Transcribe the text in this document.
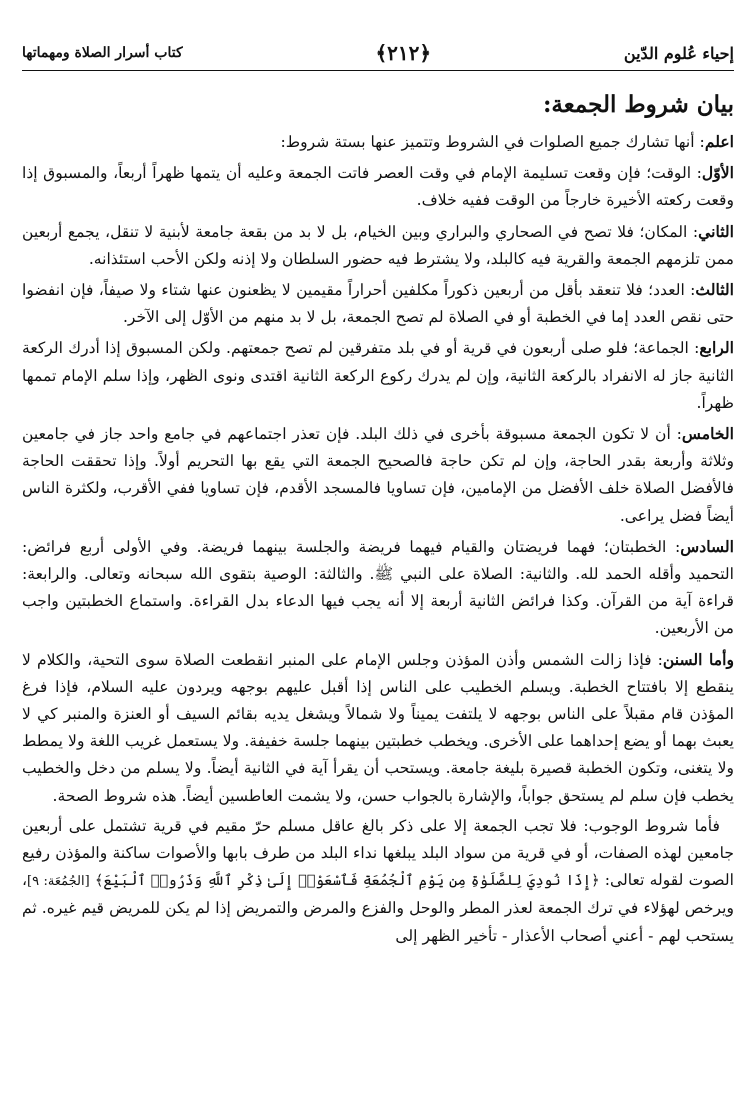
إحياء عُلوم الدّين
﴿٢١٢﴾
كتاب أسرار الصلاة ومهماتها
بيان شروط الجمعة:

اعلم: أنها تشارك جميع الصلوات في الشروط وتتميز عنها بستة شروط:

الأوّل: الوقت؛ فإن وقعت تسليمة الإمام في وقت العصر فاتت الجمعة وعليه أن يتمها ظهراً أربعاً، والمسبوق إذا وقعت ركعته الأخيرة خارجاً من الوقت ففيه خلاف.

الثاني: المكان؛ فلا تصح في الصحاري والبراري وبين الخيام، بل لا بد من بقعة جامعة لأبنية لا تنقل، يجمع أربعين ممن تلزمهم الجمعة والقرية فيه كالبلد، ولا يشترط فيه حضور السلطان ولا إذنه ولكن الأحب استئذانه.

الثالث: العدد؛ فلا تنعقد بأقل من أربعين ذكوراً مكلفين أحراراً مقيمين لا يظعنون عنها شتاء ولا صيفاً، فإن انفضوا حتى نقص العدد إما في الخطبة أو في الصلاة لم تصح الجمعة، بل لا بد منهم من الأوّل إلى الآخر.

الرابع: الجماعة؛ فلو صلى أربعون في قرية أو في بلد متفرقين لم تصح جمعتهم. ولكن المسبوق إذا أدرك الركعة الثانية جاز له الانفراد بالركعة الثانية، وإن لم يدرك ركوع الركعة الثانية اقتدى ونوى الظهر، وإذا سلم الإمام تممها ظهراً.

الخامس: أن لا تكون الجمعة مسبوقة بأخرى في ذلك البلد. فإن تعذر اجتماعهم في جامع واحد جاز في جامعين وثلاثة وأربعة بقدر الحاجة، وإن لم تكن حاجة فالصحيح الجمعة التي يقع بها التحريم أولاً. وإذا تحققت الحاجة فالأفضل الصلاة خلف الأفضل من الإمامين، فإن تساويا فالمسجد الأقدم، فإن تساويا ففي الأقرب، ولكثرة الناس أيضاً فضل يراعى.

السادس: الخطبتان؛ فهما فريضتان والقيام فيهما فريضة والجلسة بينهما فريضة. وفي الأولى أربع فرائض: التحميد وأقله الحمد لله. والثانية: الصلاة على النبي ﷺ. والثالثة: الوصية بتقوى الله سبحانه وتعالى. والرابعة: قراءة آية من القرآن. وكذا فرائض الثانية أربعة إلا أنه يجب فيها الدعاء بدل القراءة. واستماع الخطبتين واجب من الأربعين.

وأما السنن: فإذا زالت الشمس وأذن المؤذن وجلس الإمام على المنبر انقطعت الصلاة سوى التحية، والكلام لا ينقطع إلا بافتتاح الخطبة. ويسلم الخطيب على الناس إذا أقبل عليهم بوجهه ويردون عليه السلام، فإذا فرغ المؤذن قام مقبلاً على الناس بوجهه لا يلتفت يميناً ولا شمالاً ويشغل يديه بقائم السيف أو العنزة والمنبر كي لا يعبث بهما أو يضع إحداهما على الأخرى. ويخطب خطبتين بينهما جلسة خفيفة. ولا يستعمل غريب اللغة ولا يمطط ولا يتغنى، وتكون الخطبة قصيرة بليغة جامعة. ويستحب أن يقرأ آية في الثانية أيضاً. ولا يسلم من دخل والخطيب يخطب فإن سلم لم يستحق جواباً، والإشارة بالجواب حسن، ولا يشمت العاطسين أيضاً. هذه شروط الصحة.

فأما شروط الوجوب: فلا تجب الجمعة إلا على ذكر بالغ عاقل مسلم حرّ مقيم في قرية تشتمل على أربعين جامعين لهذه الصفات، أو في قرية من سواد البلد يبلغها نداء البلد من طرف بابها والأصوات ساكنة والمؤذن رفيع الصوت لقوله تعالى: ﴿إِذَا نُودِيَ لِلصَّلَوٰةِ مِن يَوْمِ ٱلْجُمُعَةِ فَٱسْعَوْا۟ إِلَىٰ ذِكْرِ ٱللَّهِ وَذَرُوا۟ ٱلْبَيْعَ﴾ [الجُمُعَة: ٩]، ويرخص لهؤلاء في ترك الجمعة لعذر المطر والوحل والفزع والمرض والتمريض إذا لم يكن للمريض قيم غيره. ثم يستحب لهم - أعني أصحاب الأعذار - تأخير الظهر إلى
